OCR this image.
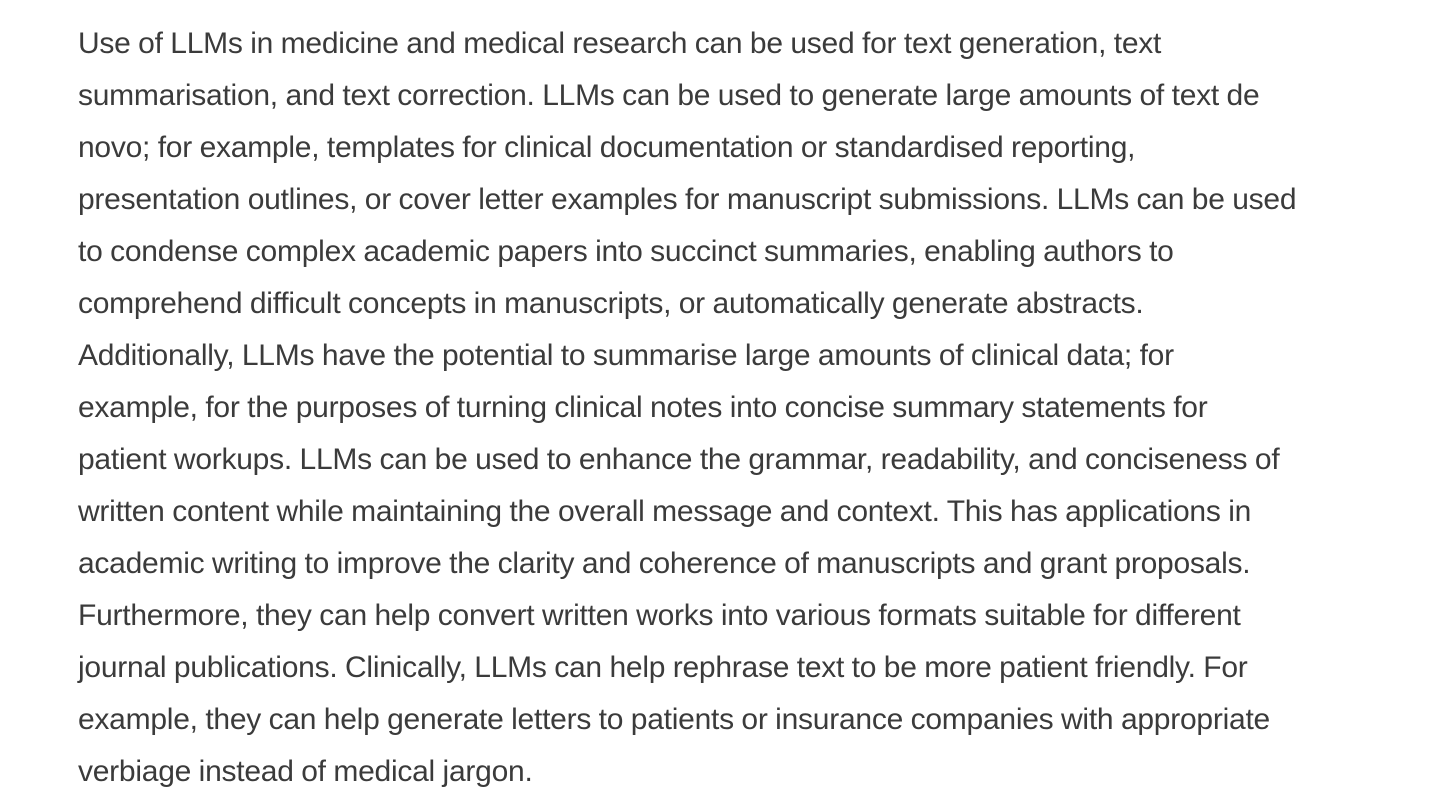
Use of LLMs in medicine and medical research can be used for text generation, text
summarisation, and text correction. LLMs can be used to generate large amounts of text de
novo; for example, templates for clinical documentation or standardised reporting,
presentation outlines, or cover letter examples for manuscript submissions. LLMs can be used
to condense complex academic papers into succinct summaries, enabling authors to
comprehend difficult concepts in manuscripts, or automatically generate abstracts.
Additionally, LLMs have the potential to summarise large amounts of clinical data; for
example, for the purposes of turning clinical notes into concise summary statements for
patient workups. LLMs can be used to enhance the grammar, readability, and conciseness of
written content while maintaining the overall message and context. This has applications in
academic writing to improve the clarity and coherence of manuscripts and grant proposals.
Furthermore, they can help convert written works into various formats suitable for different
journal publications. Clinically, LLMs can help rephrase text to be more patient friendly. For
example, they can help generate letters to patients or insurance companies with appropriate
verbiage instead of medical jargon.
